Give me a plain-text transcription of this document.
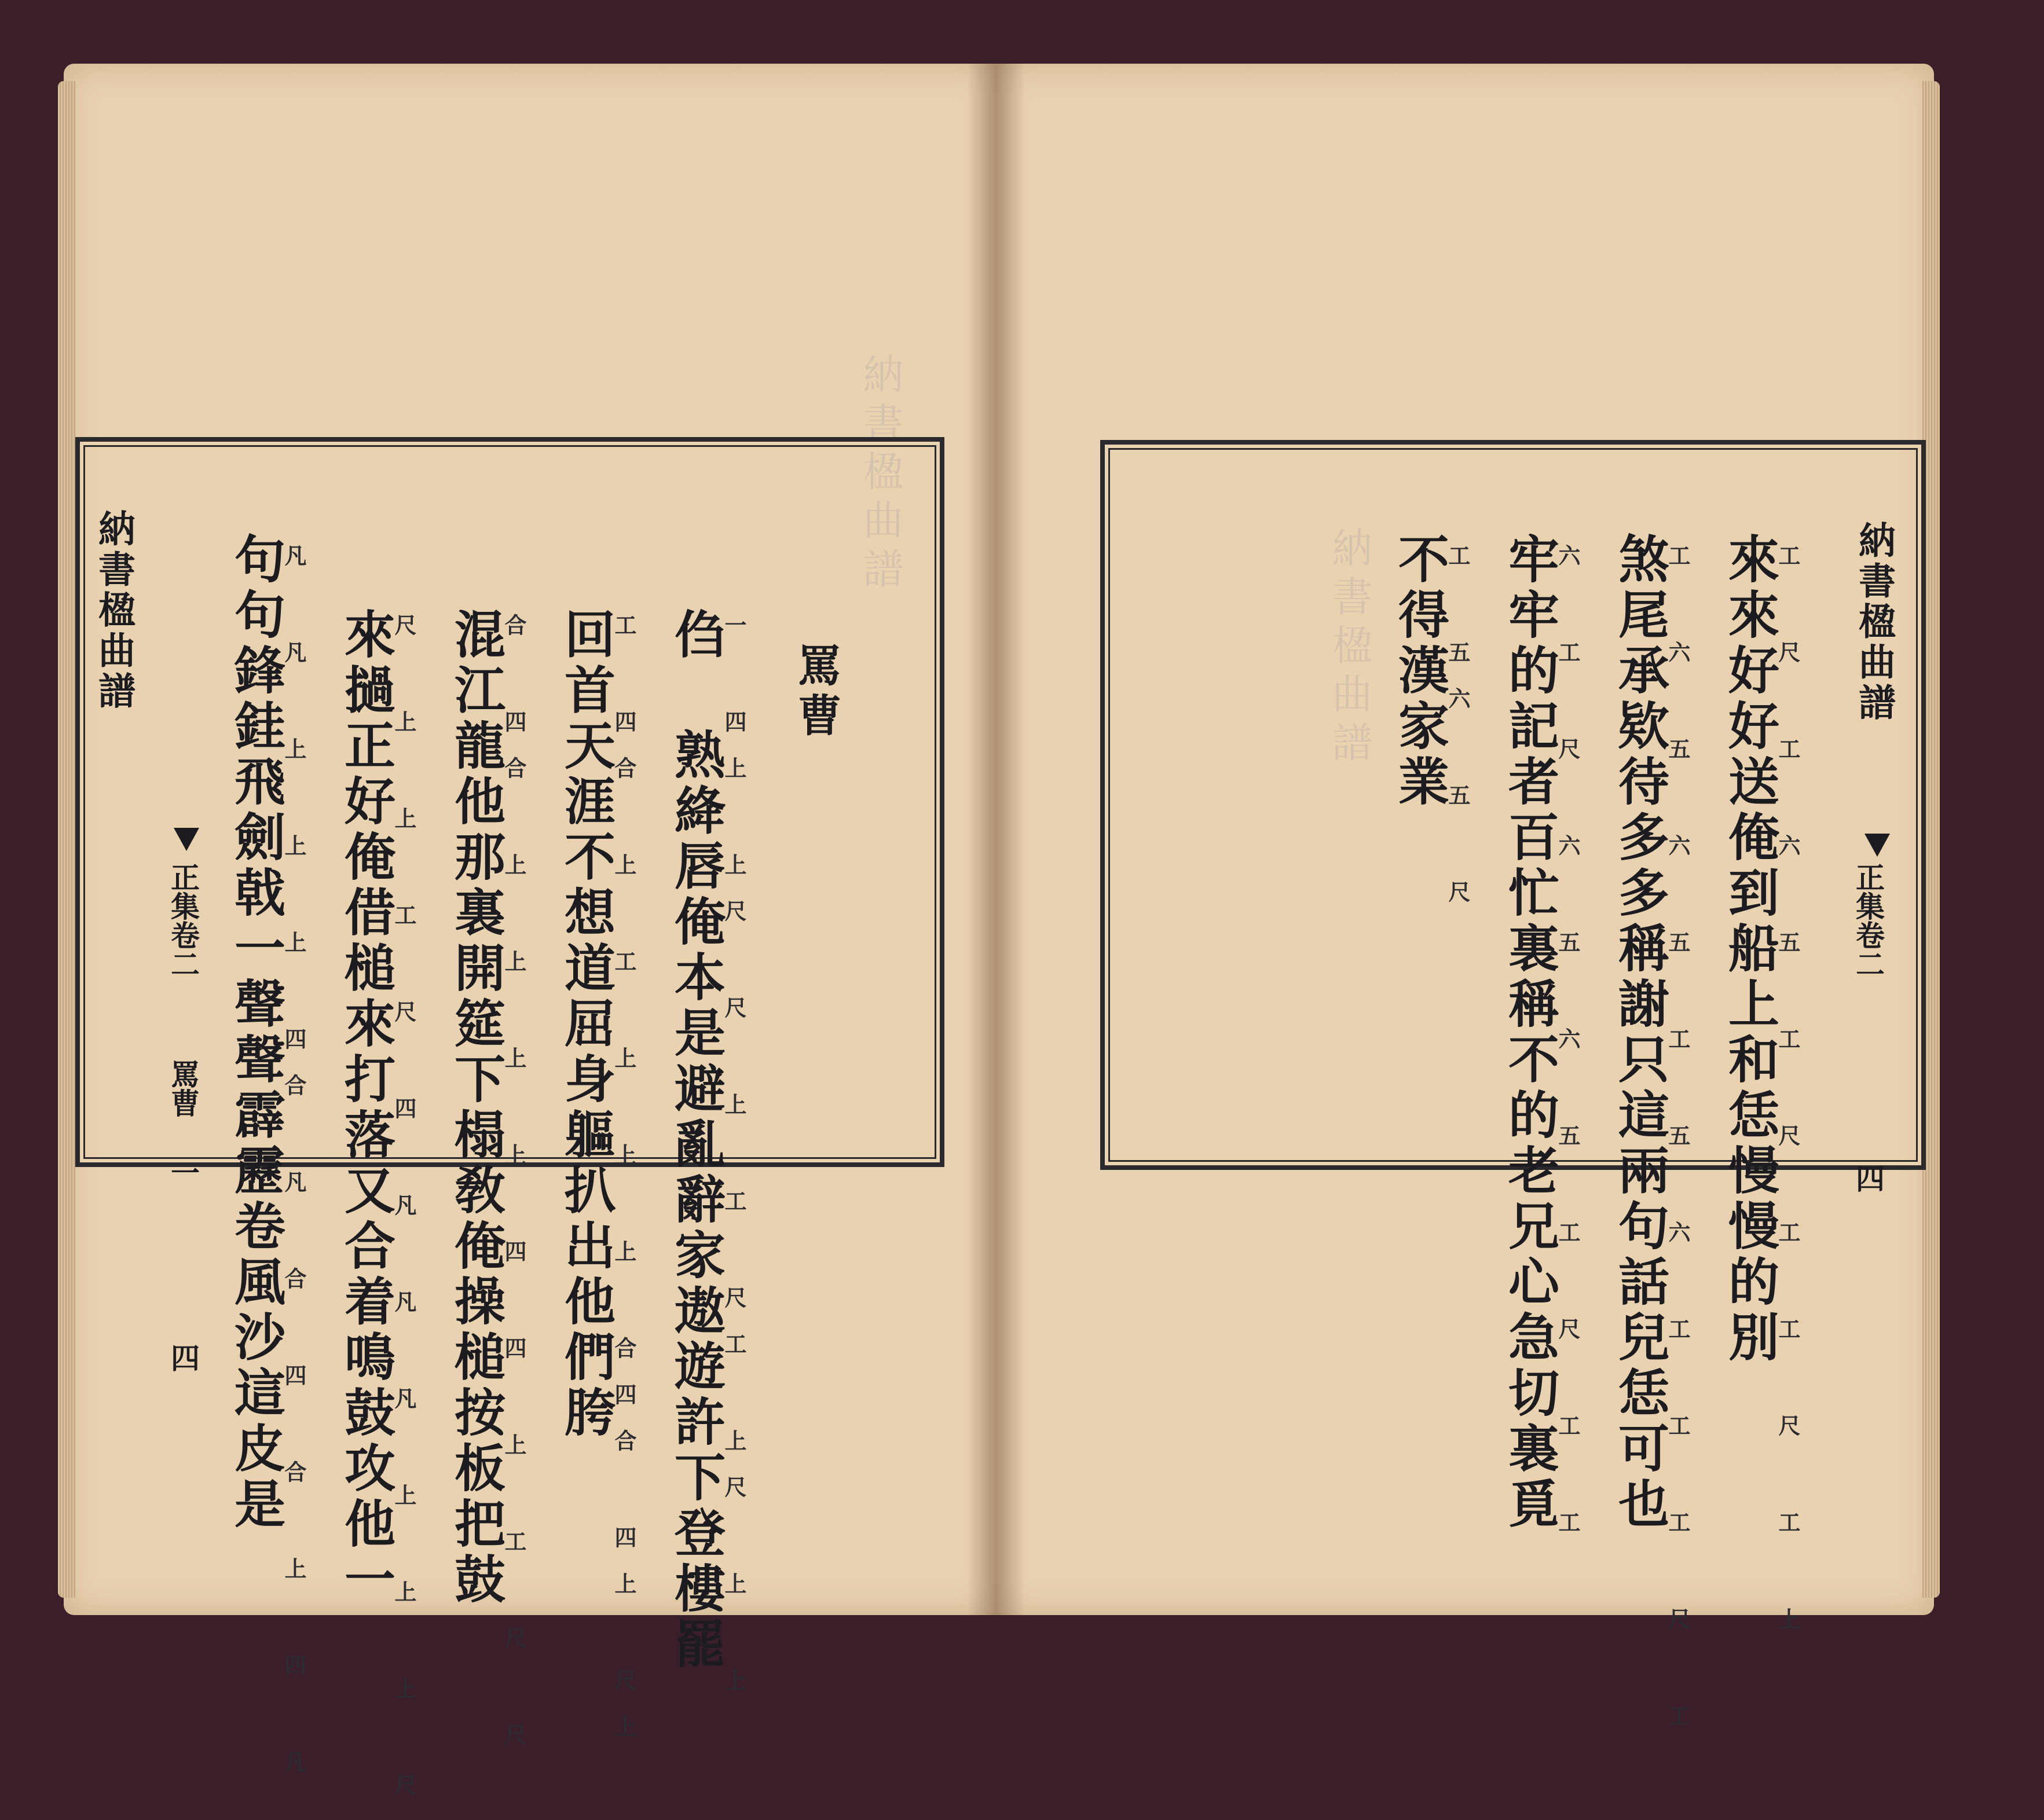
納書楹曲譜
納書楹曲譜
正集卷二
罵曹
一
四
罵曹
㑇 熟絳唇俺本是避亂辭家遨遊許下登樓罷
一 四上 上尺 尺 上 工 尺工 上尺 上 上
回首天涯不想道屈身軀扒出他們胯
工 四合 上 工 上 上 上 合四合 四上 尺上
混江龍他那裏開筵下榻敎俺操槌按板把鼓
合 四合 上 上 上 上 四 四 上 工 尺 尺
來撾正好俺借槌來打落又合着鳴鼓攻他一
尺 上 上 工 尺 四 凡 凡 凡 上 上 上 尺
句句鋒銈飛劍戟一聲聲霹靂卷風沙這皮是
凡 凡 上 上 上 四合 凡 合 四 合 上 四 凡	納書楹曲譜	納書楹曲譜
正集卷二
四
來來好好送俺到船上和恁慢慢的別
工 尺 工 六 五 工 尺 工 工 尺 工 上
煞尾承欵待多多稱謝只這兩句話兒恁可也
工 六 五 六 五 工 五 六 工 工 工 尺 工
牢牢的記者百忙裏稱不的老兄心急切裏覓
六 工 尺 六 五 六 五 工 尺 工 工
不得漢家業
工 五六 五 尺
